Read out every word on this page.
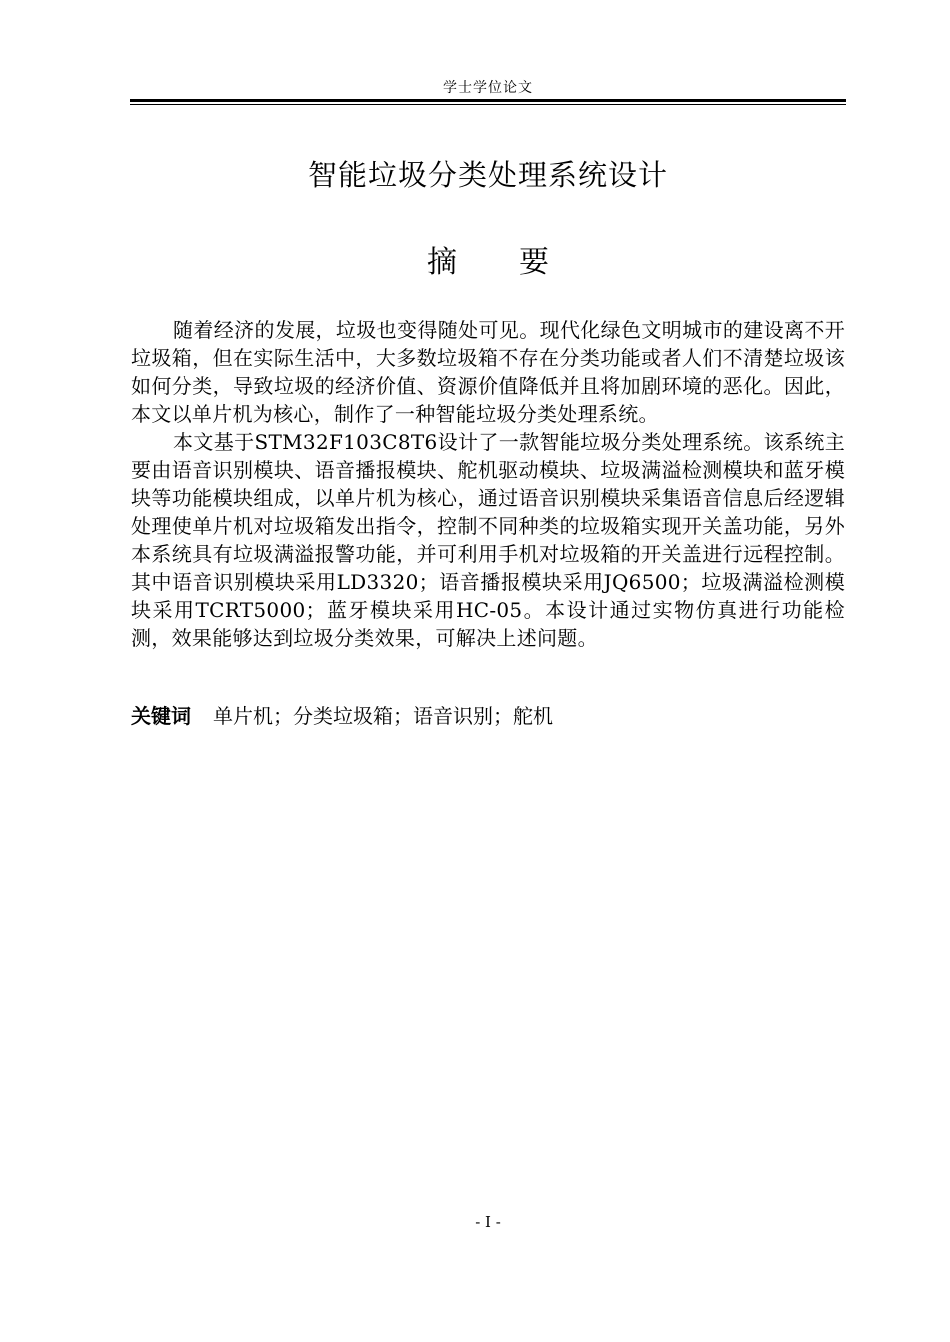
学士学位论文
智能垃圾分类处理系统设计
摘要

随着经济的发展，垃圾也变得随处可见。现代化绿色文明城市的建设离不开垃圾箱，但在实际生活中，大多数垃圾箱不存在分类功能或者人们不清楚垃圾该如何分类，导致垃圾的经济价值、资源价值降低并且将加剧环境的恶化。因此，本文以单片机为核心，制作了一种智能垃圾分类处理系统。

本文基于STM32F103C8T6设计了一款智能垃圾分类处理系统。该系统主要由语音识别模块、语音播报模块、舵机驱动模块、垃圾满溢检测模块和蓝牙模块等功能模块组成，以单片机为核心，通过语音识别模块采集语音信息后经逻辑处理使单片机对垃圾箱发出指令，控制不同种类的垃圾箱实现开关盖功能，另外本系统具有垃圾满溢报警功能，并可利用手机对垃圾箱的开关盖进行远程控制。其中语音识别模块采用LD3320；语音播报模块采用JQ6500；垃圾满溢检测模块采用TCRT5000；蓝牙模块采用HC-05。本设计通过实物仿真进行功能检测，效果能够达到垃圾分类效果，可解决上述问题。

关键词 单片机；分类垃圾箱；语音识别；舵机
- I -
